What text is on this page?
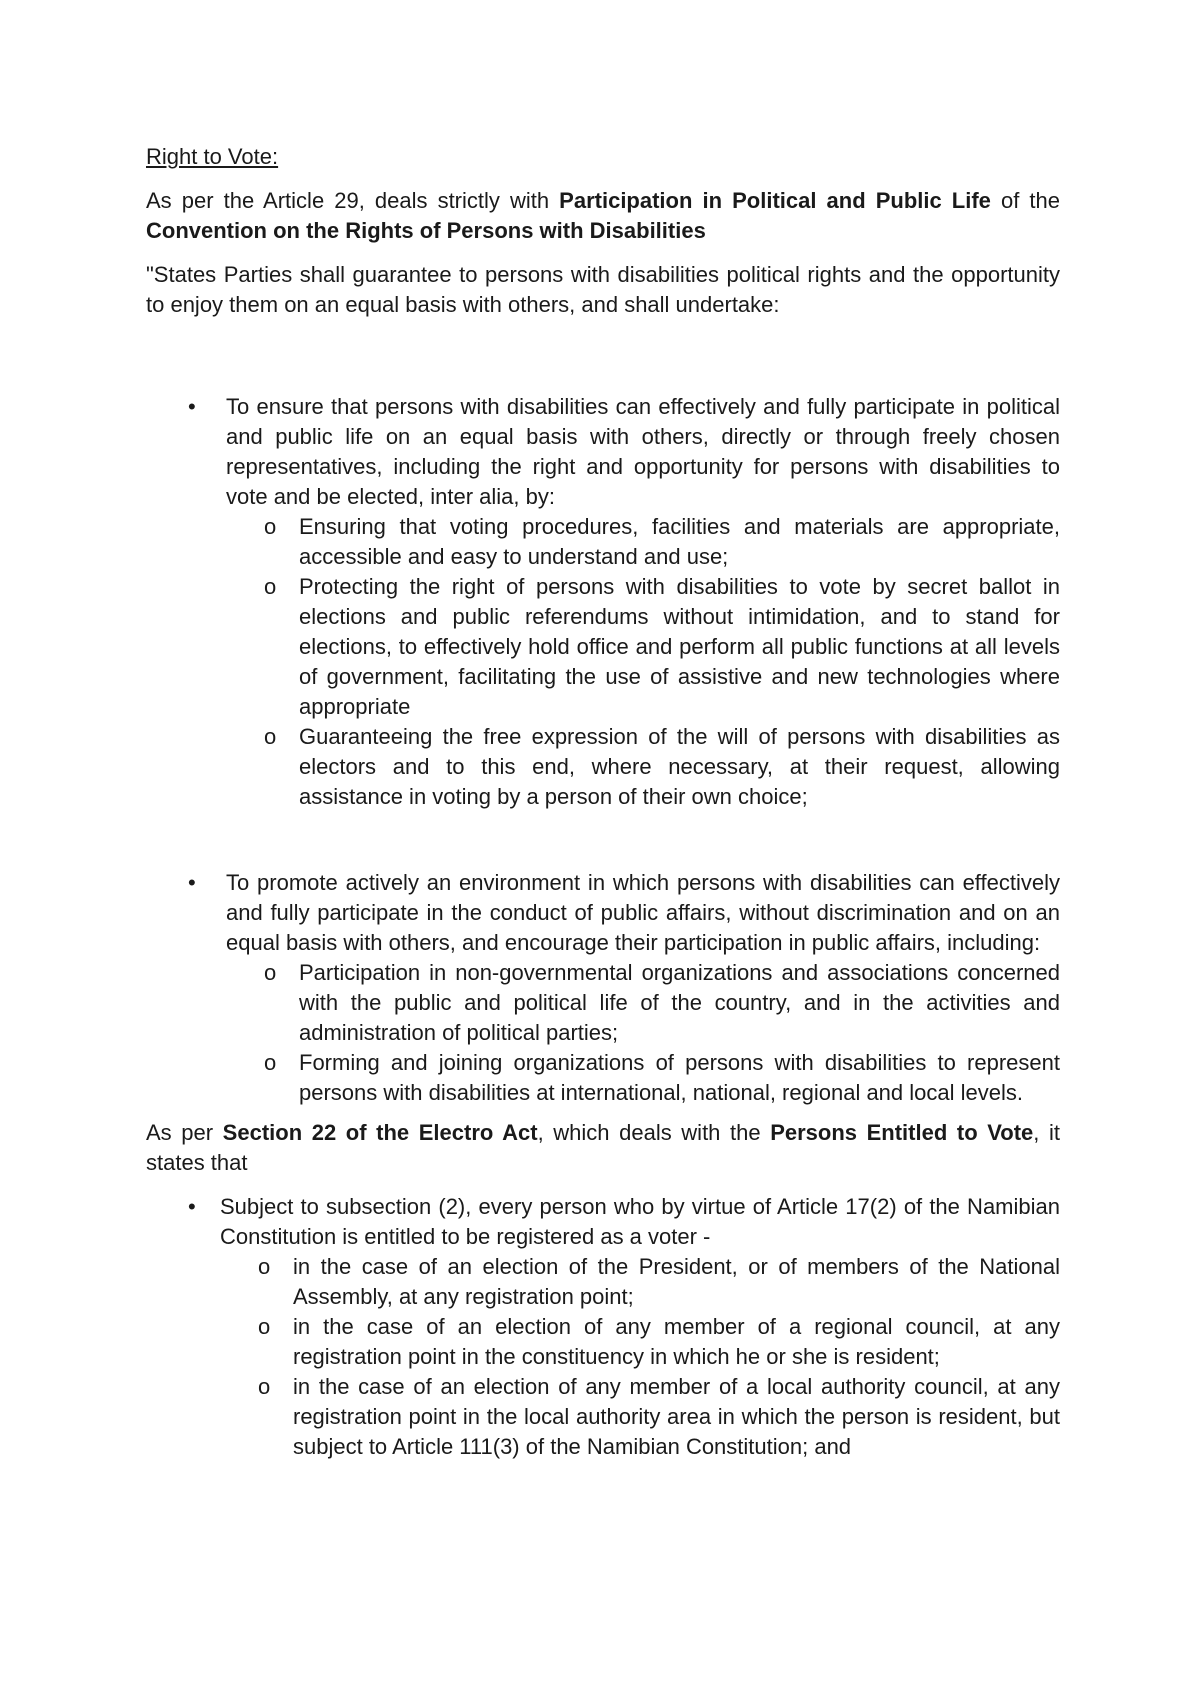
Right to Vote:

As per the Article 29, deals strictly with Participation in Political and Public Life of the Convention on the Rights of Persons with Disabilities

"States Parties shall guarantee to persons with disabilities political rights and the opportunity to enjoy them on an equal basis with others, and shall undertake:

• To ensure that persons with disabilities can effectively and fully participate in political and public life on an equal basis with others, directly or through freely chosen representatives, including the right and opportunity for persons with disabilities to vote and be elected, inter alia, by:
o Ensuring that voting procedures, facilities and materials are appropriate, accessible and easy to understand and use;
o Protecting the right of persons with disabilities to vote by secret ballot in elections and public referendums without intimidation, and to stand for elections, to effectively hold office and perform all public functions at all levels of government, facilitating the use of assistive and new technologies where appropriate
o Guaranteeing the free expression of the will of persons with disabilities as electors and to this end, where necessary, at their request, allowing assistance in voting by a person of their own choice;
• To promote actively an environment in which persons with disabilities can effectively and fully participate in the conduct of public affairs, without discrimination and on an equal basis with others, and encourage their participation in public affairs, including:
o Participation in non-governmental organizations and associations concerned with the public and political life of the country, and in the activities and administration of political parties;
o Forming and joining organizations of persons with disabilities to represent persons with disabilities at international, national, regional and local levels.

As per Section 22 of the Electro Act, which deals with the Persons Entitled to Vote, it states that

• Subject to subsection (2), every person who by virtue of Article 17(2) of the Namibian Constitution is entitled to be registered as a voter -
o in the case of an election of the President, or of members of the National Assembly, at any registration point;
o in the case of an election of any member of a regional council, at any registration point in the constituency in which he or she is resident;
o in the case of an election of any member of a local authority council, at any registration point in the local authority area in which the person is resident, but subject to Article 111(3) of the Namibian Constitution; and
